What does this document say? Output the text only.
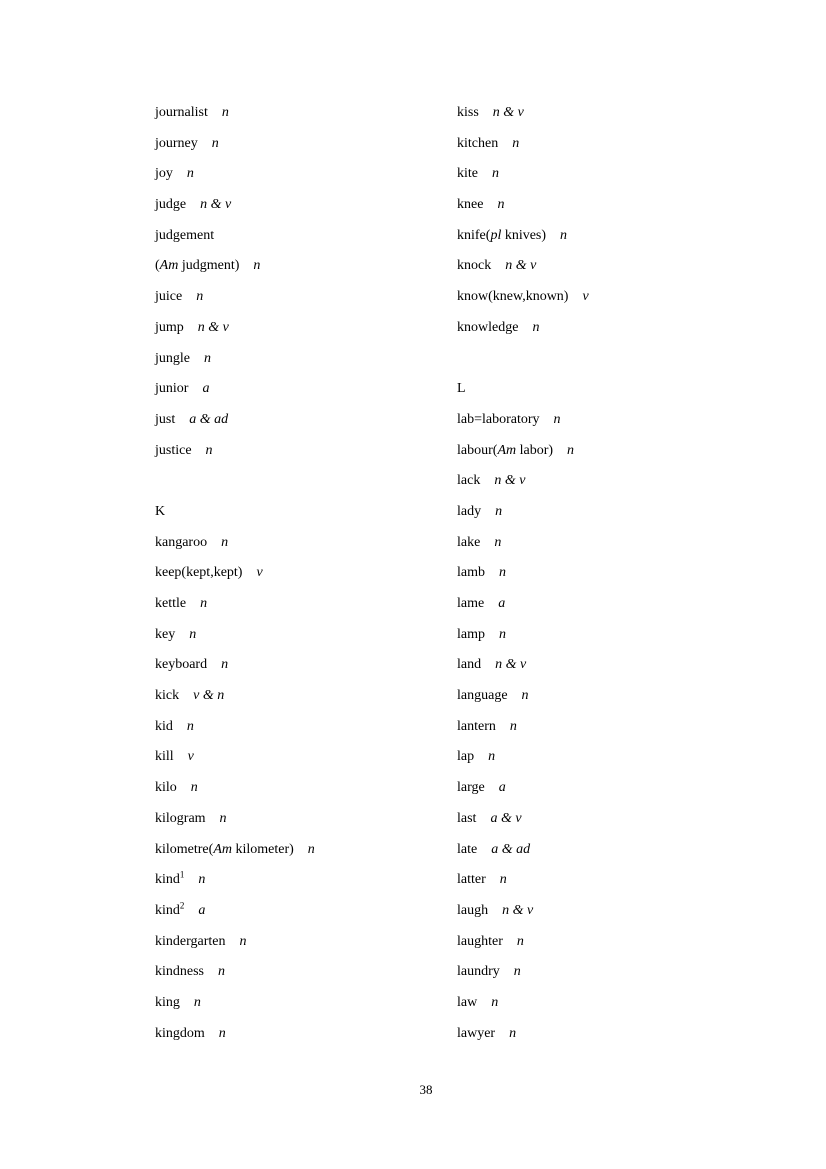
journalist n
journey n
joy n
judge n & v
judgement
(Am judgment) n
juice n
jump n & v
jungle n
junior a
just a & ad
justice n

K
kangaroo n
keep(kept,kept) v
kettle n
key n
keyboard n
kick v & n
kid n
kill v
kilo n
kilogram n
kilometre(Am kilometer) n
kind$^1$ n
kind$^2$ a
kindergarten n
kindness n
king n
kingdom n
kiss n & v
kitchen n
kite n
knee n
knife(pl knives) n
knock n & v
know(knew,known) v
knowledge n

L
lab=laboratory n
labour(Am labor) n
lack n & v
lady n
lake n
lamb n
lame a
lamp n
land n & v
language n
lantern n
lap n
large a
last a & v
late a & ad
latter n
laugh n & v
laughter n
laundry n
law n
lawyer n
38
